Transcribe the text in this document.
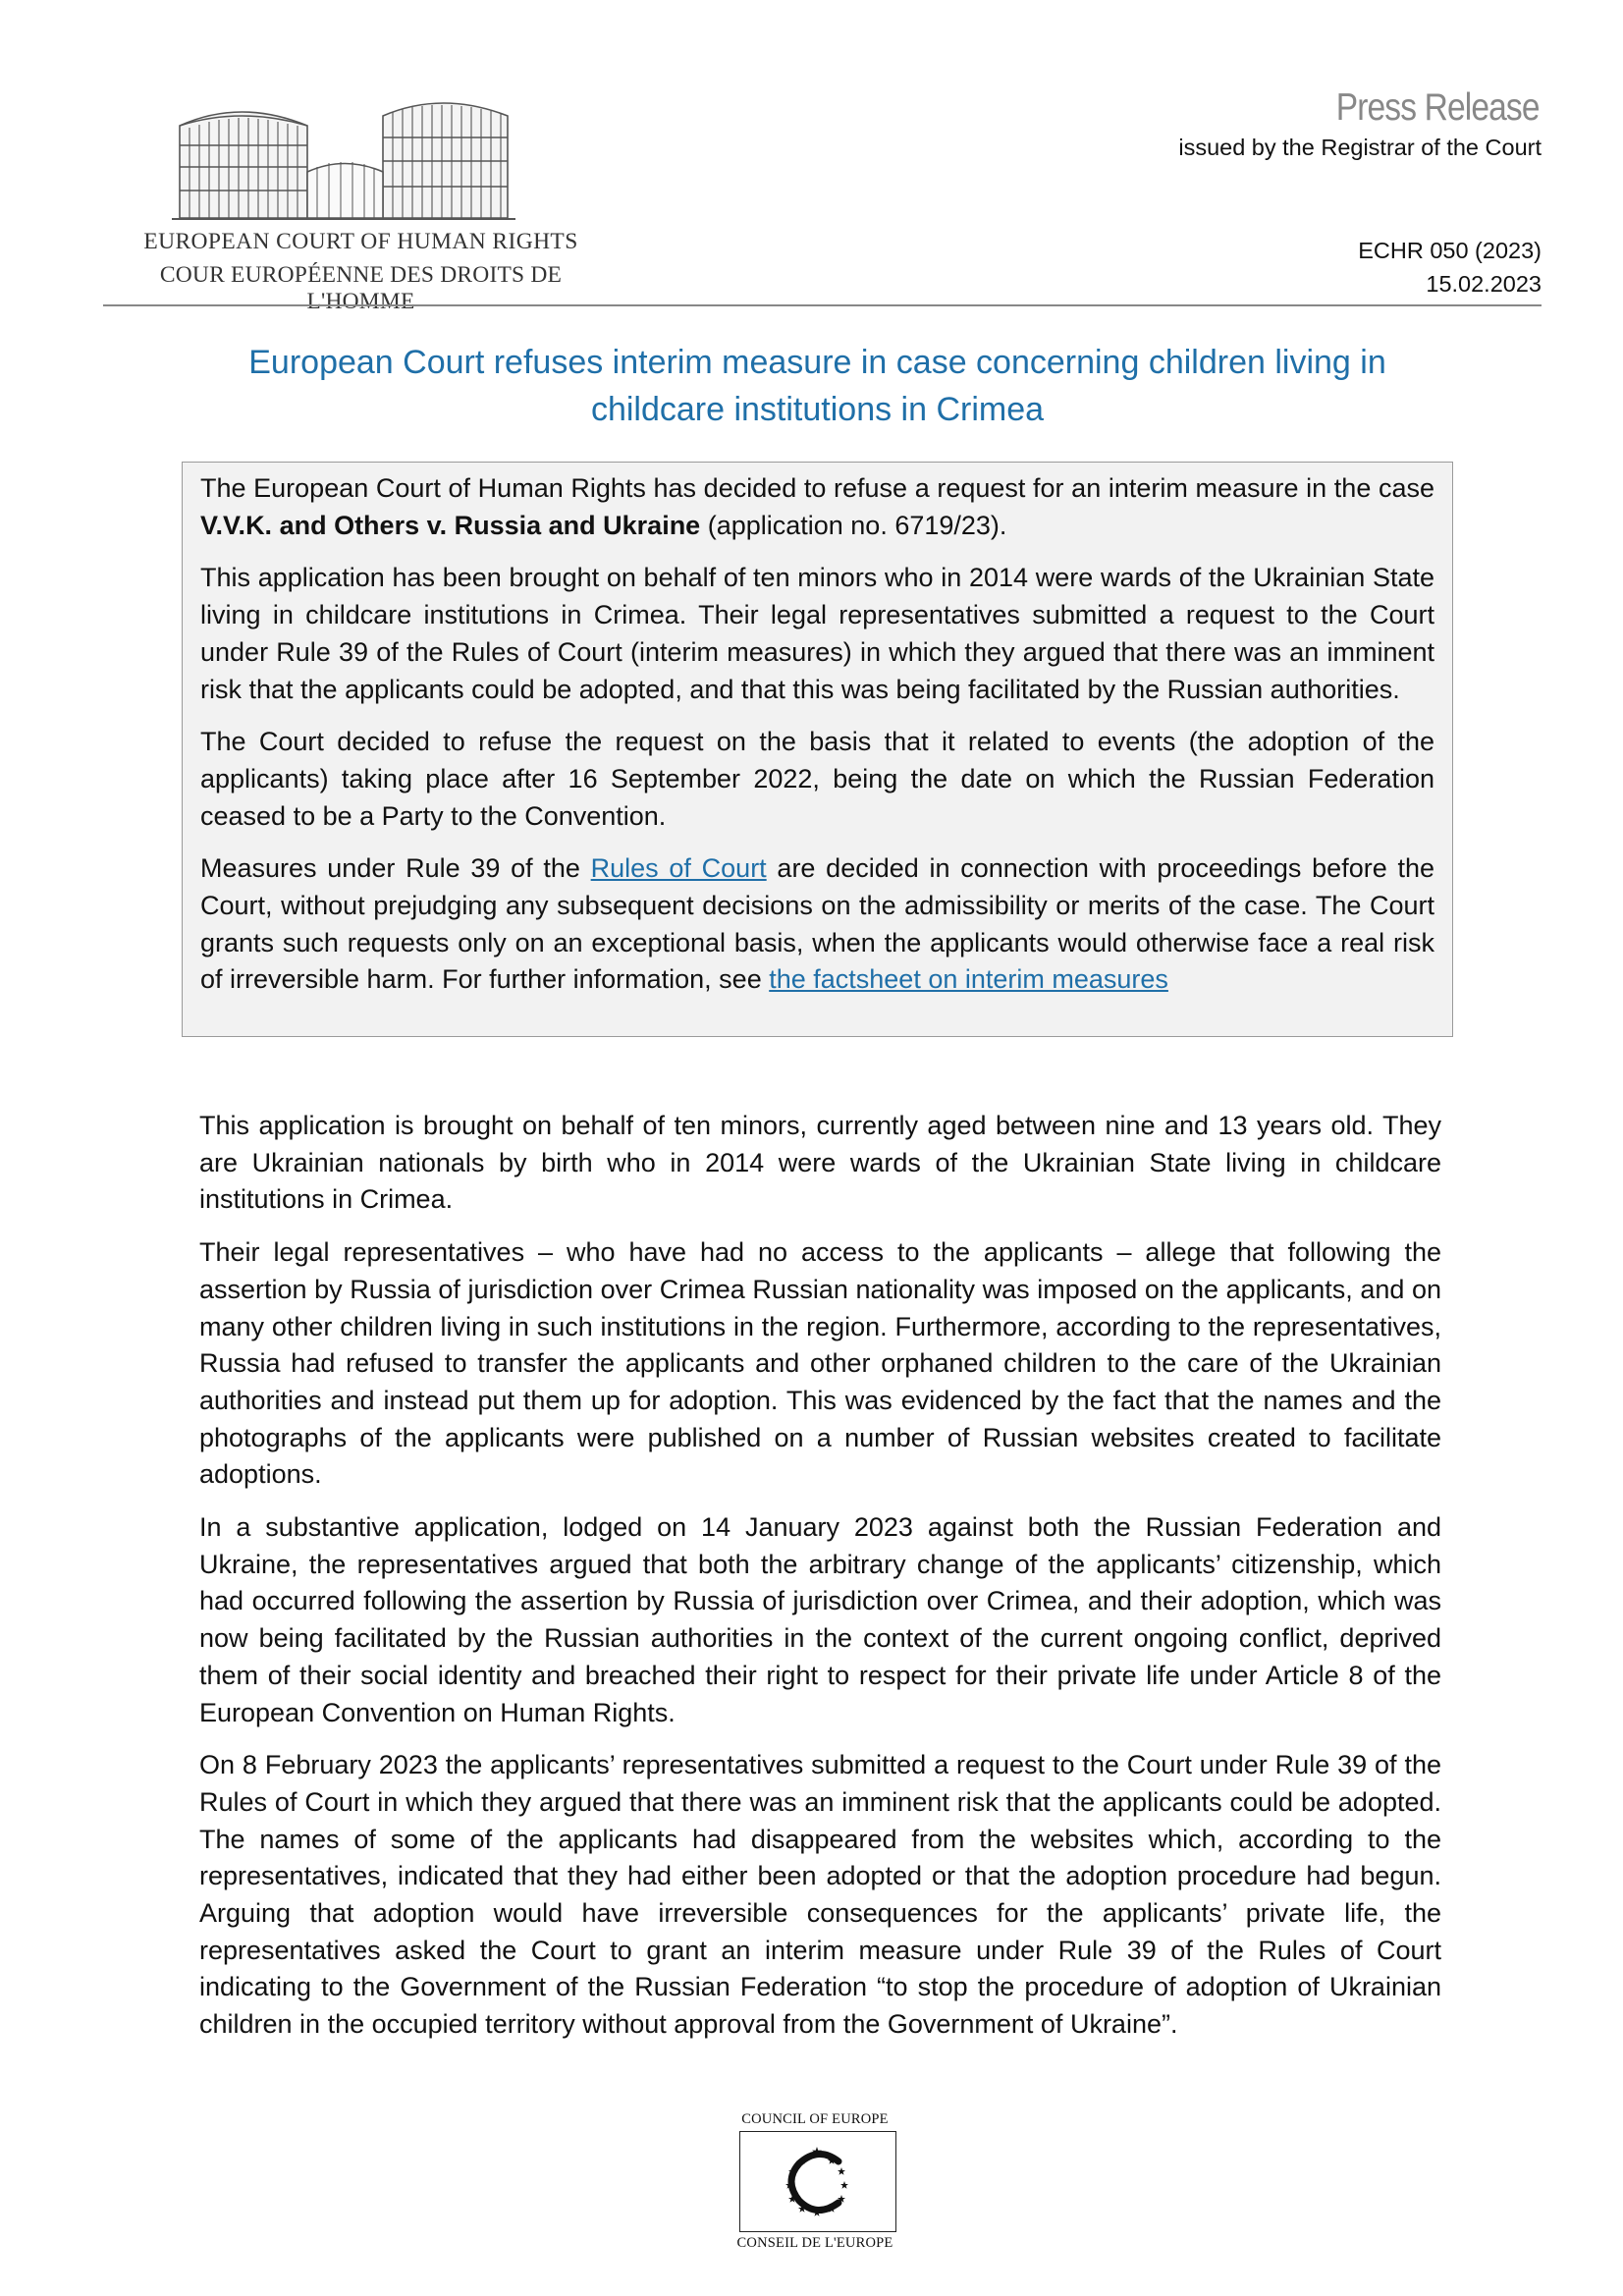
EUROPEAN COURT OF HUMAN RIGHTS
COUR EUROPÉENNE DES DROITS DE L'HOMME
Press Release
issued by the Registrar of the Court
ECHR 050 (2023)
15.02.2023
European Court refuses interim measure in case concerning children living in
childcare institutions in Crimea

The European Court of Human Rights has decided to refuse a request for an interim measure in the case V.V.K. and Others v. Russia and Ukraine (application no. 6719/23).

This application has been brought on behalf of ten minors who in 2014 were wards of the Ukrainian State living in childcare institutions in Crimea. Their legal representatives submitted a request to the Court under Rule 39 of the Rules of Court (interim measures) in which they argued that there was an imminent risk that the applicants could be adopted, and that this was being facilitated by the Russian authorities.

The Court decided to refuse the request on the basis that it related to events (the adoption of the applicants) taking place after 16 September 2022, being the date on which the Russian Federation ceased to be a Party to the Convention.

Measures under Rule 39 of the Rules of Court are decided in connection with proceedings before the Court, without prejudging any subsequent decisions on the admissibility or merits of the case. The Court grants such requests only on an exceptional basis, when the applicants would otherwise face a real risk of irreversible harm. For further information, see the factsheet on interim measures

This application is brought on behalf of ten minors, currently aged between nine and 13 years old. They are Ukrainian nationals by birth who in 2014 were wards of the Ukrainian State living in childcare institutions in Crimea.

Their legal representatives – who have had no access to the applicants – allege that following the assertion by Russia of jurisdiction over Crimea Russian nationality was imposed on the applicants, and on many other children living in such institutions in the region. Furthermore, according to the representatives, Russia had refused to transfer the applicants and other orphaned children to the care of the Ukrainian authorities and instead put them up for adoption. This was evidenced by the fact that the names and the photographs of the applicants were published on a number of Russian websites created to facilitate adoptions.

In a substantive application, lodged on 14 January 2023 against both the Russian Federation and Ukraine, the representatives argued that both the arbitrary change of the applicants’ citizenship, which had occurred following the assertion by Russia of jurisdiction over Crimea, and their adoption, which was now being facilitated by the Russian authorities in the context of the current ongoing conflict, deprived them of their social identity and breached their right to respect for their private life under Article 8 of the European Convention on Human Rights.

On 8 February 2023 the applicants’ representatives submitted a request to the Court under Rule 39 of the Rules of Court in which they argued that there was an imminent risk that the applicants could be adopted. The names of some of the applicants had disappeared from the websites which, according to the representatives, indicated that they had either been adopted or that the adoption procedure had begun. Arguing that adoption would have irreversible consequences for the applicants’ private life, the representatives asked the Court to grant an interim measure under Rule 39 of the Rules of Court indicating to the Government of the Russian Federation “to stop the procedure of adoption of Ukrainian children in the occupied territory without approval from the Government of Ukraine”.

COUNCIL OF EUROPE
CONSEIL DE L'EUROPE
